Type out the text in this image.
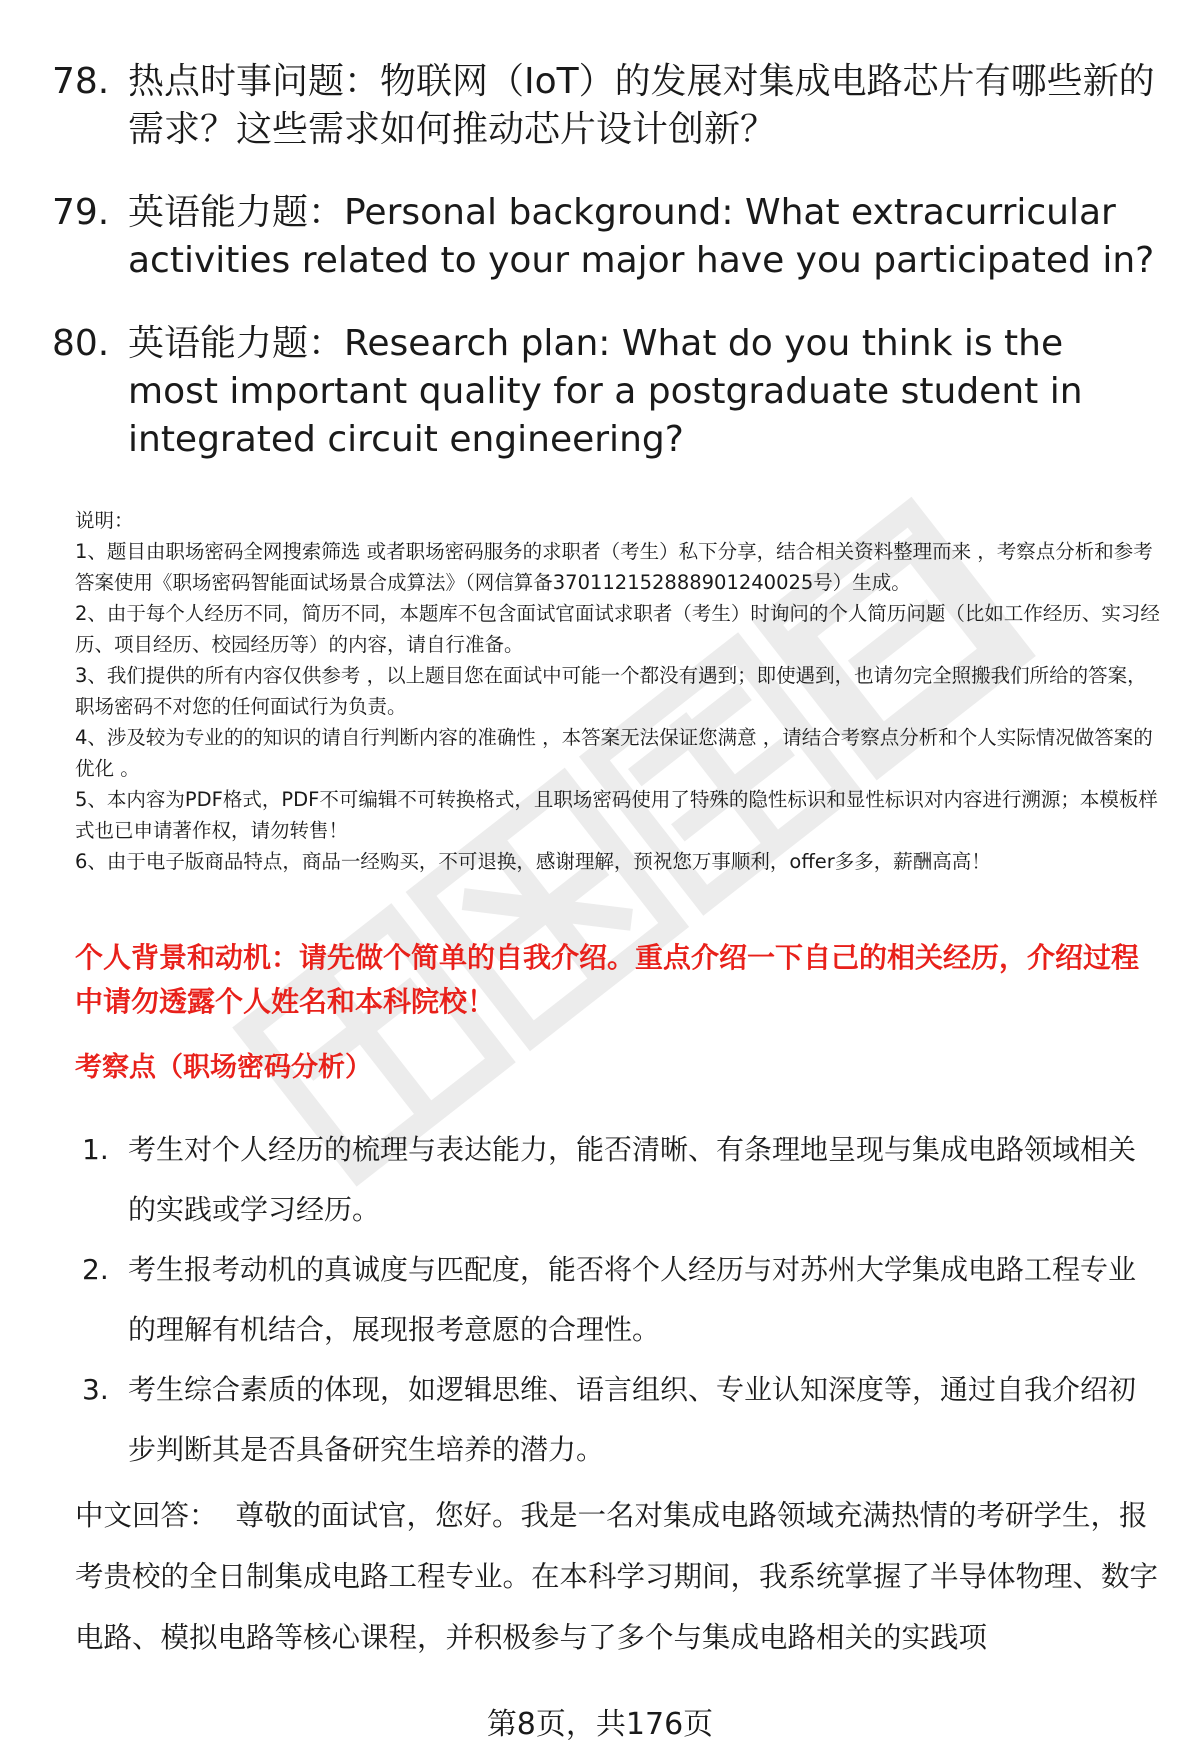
78. 热点时事问题：物联网（IoT）的发展对集成电路芯片有哪些新的需求？这些需求如何推动芯片设计创新？
79. 英语能力题：Personal background: What extracurricular activities related to your major have you participated in?
80. 英语能力题：Research plan: What do you think is the most important quality for a postgraduate student in integrated circuit engineering?

说明：

1、题目由职场密码全网搜索筛选 或者职场密码服务的求职者（考生）私下分享，结合相关资料整理而来 ，考察点分析和参考答案使用《职场密码智能面试场景合成算法》（网信算备370112152888901240025号）生成。

2、由于每个人经历不同，简历不同，本题库不包含面试官面试求职者（考生）时询问的个人简历问题（比如工作经历、实习经历、项目经历、校园经历等）的内容，请自行准备。

3、我们提供的所有内容仅供参考 ，以上题目您在面试中可能一个都没有遇到；即使遇到，也请勿完全照搬我们所给的答案，职场密码不对您的任何面试行为负责。

4、涉及较为专业的的知识的请自行判断内容的准确性 ，本答案无法保证您满意 ，请结合考察点分析和个人实际情况做答案的优化 。

5、本内容为PDF格式，PDF不可编辑不可转换格式，且职场密码使用了特殊的隐性标识和显性标识对内容进行溯源；本模板样式也已申请著作权，请勿转售！

6、由于电子版商品特点，商品一经购买，不可退换，感谢理解，预祝您万事顺利，offer多多，薪酬高高！

个人背景和动机：请先做个简单的自我介绍。重点介绍一下自己的相关经历，介绍过程中请勿透露个人姓名和本科院校！
考察点（职场密码分析）
1. 考生对个人经历的梳理与表达能力，能否清晰、有条理地呈现与集成电路领域相关的实践或学习经历。
2. 考生报考动机的真诚度与匹配度，能否将个人经历与对苏州大学集成电路工程专业的理解有机结合，展现报考意愿的合理性。
3. 考生综合素质的体现，如逻辑思维、语言组织、专业认知深度等，通过自我介绍初步判断其是否具备研究生培养的潜力。
中文回答： 尊敬的面试官，您好。我是一名对集成电路领域充满热情的考研学生，报考贵校的全日制集成电路工程专业。在本科学习期间，我系统掌握了半导体物理、数字电路、模拟电路等核心课程，并积极参与了多个与集成电路相关的实践项
第8页，共176页
